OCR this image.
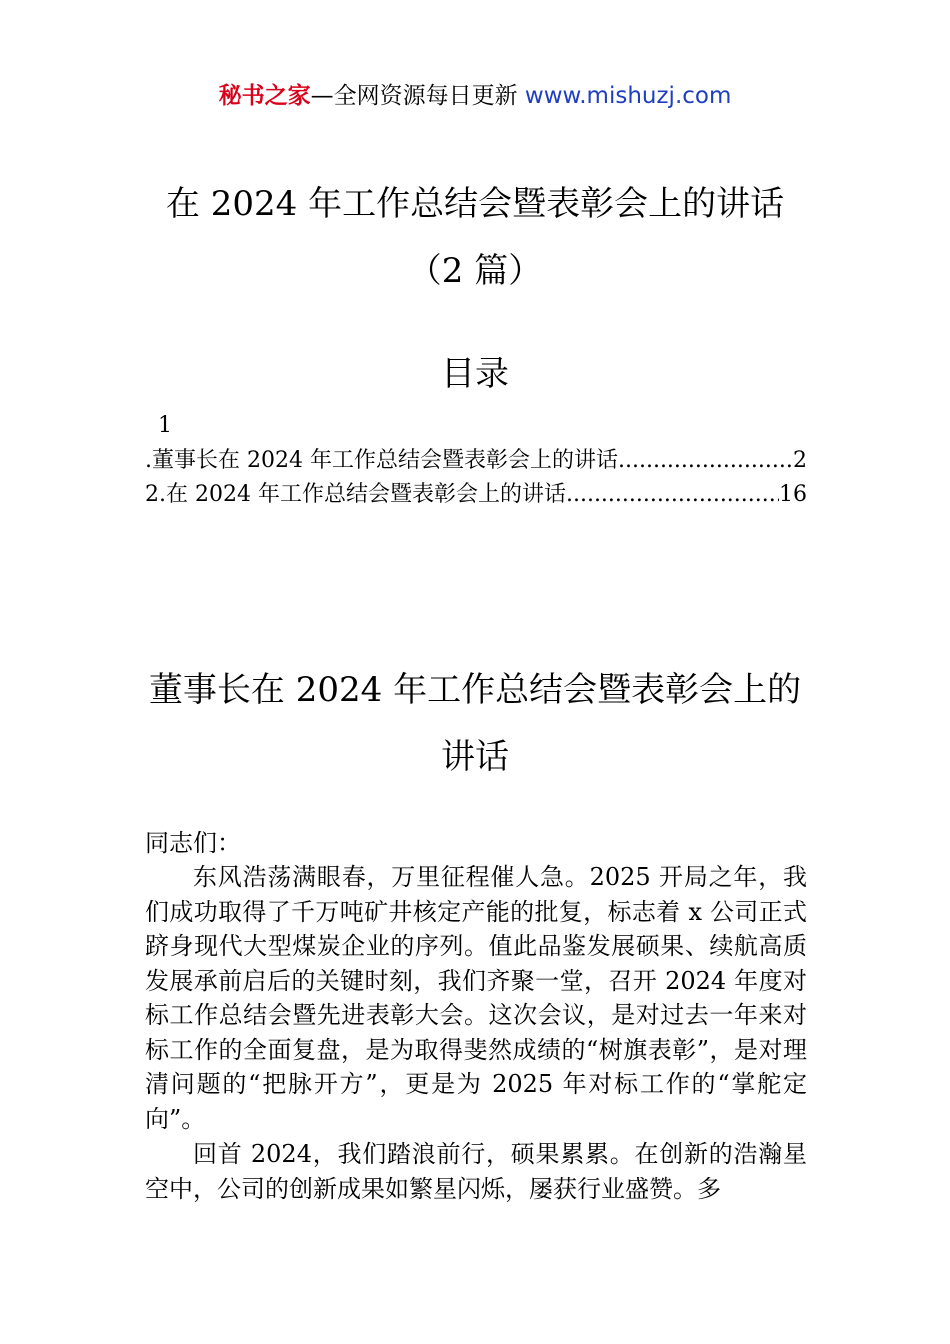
秘书之家—全网资源每日更新 www.mishuzj.com
在 2024 年工作总结会暨表彰会上的讲话
（2 篇）
目录
1
.董事长在 2024 年工作总结会暨表彰会上的讲话 .....	2
2.在 2024 年工作总结会暨表彰会上的讲话 .....	16
董事长在 2024 年工作总结会暨表彰会上的
讲话
同志们：

东风浩荡满眼春，万里征程催人急。2025 开局之年，我们成功取得了千万吨矿井核定产能的批复，标志着 x 公司正式跻身现代大型煤炭企业的序列。值此品鉴发展硕果、续航高质发展承前启后的关键时刻，我们齐聚一堂，召开 2024 年度对标工作总结会暨先进表彰大会。这次会议，是对过去一年来对标工作的全面复盘，是为取得斐然成绩的“树旗表彰”，是对理清问题的“把脉开方”，更是为 2025 年对标工作的“掌舵定向”。

回首 2024，我们踏浪前行，硕果累累。在创新的浩瀚星空中，公司的创新成果如繁星闪烁，屡获行业盛赞。多
